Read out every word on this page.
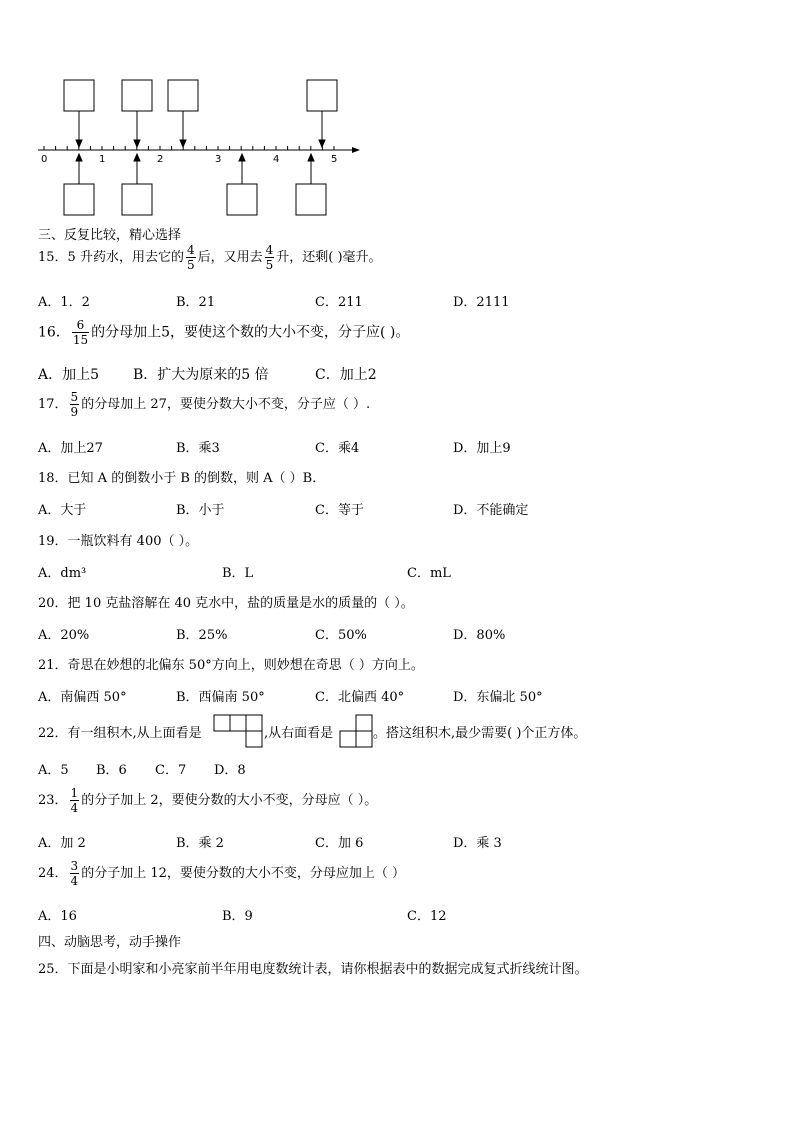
0	1	2	3	4	5
三、反复比较，精心选择
15．5 升药水，用去它的 $\frac{4}{5}$ 后，又用去 $\frac{4}{5}$ 升，还剩( )毫升。
A．1．2	B．21	C．211	D．2111
16． $\frac{6}{15}$ 的分母加上5，要使这个数的大小不变，分子应( )。
A．加上5 B．扩大为原来的5 倍	C．加上2
17． $\frac{5}{9}$ 的分母加上 27，要使分数大小不变，分子应（ ）.
A．加上27	B．乘3	C．乘4	D．加上9
18．已知 A 的倒数小于 B 的倒数，则 A（ ）B．
A．大于	B．小于	C．等于	D．不能确定
19．一瓶饮料有 400（ ）。
A．dm³	B．L	C．mL
20．把 10 克盐溶解在 40 克水中，盐的质量是水的质量的（ ）。
A．20%	B．25%	C．50%	D．80%
21．奇思在妙想的北偏东 50°方向上，则妙想在奇思（ ）方向上。
A．南偏西 50°	B．西偏南 50°	C．北偏西 40°	D．东偏北 50°
22．有一组积木,从上面看是	,从右面看是	。搭这组积木,最少需要( )个正方体。
A．5 B．6 C．7 D．8
23． $\frac{1}{4}$ 的分子加上 2，要使分数的大小不变，分母应（ ）。
A．加 2	B．乘 2	C．加 6	D．乘 3
24． $\frac{3}{4}$ 的分子加上 12，要使分数的大小不变，分母应加上（ ）
A．16	B．9	C．12
四、动脑思考，动手操作
25．下面是小明家和小亮家前半年用电度数统计表，请你根据表中的数据完成复式折线统计图。
